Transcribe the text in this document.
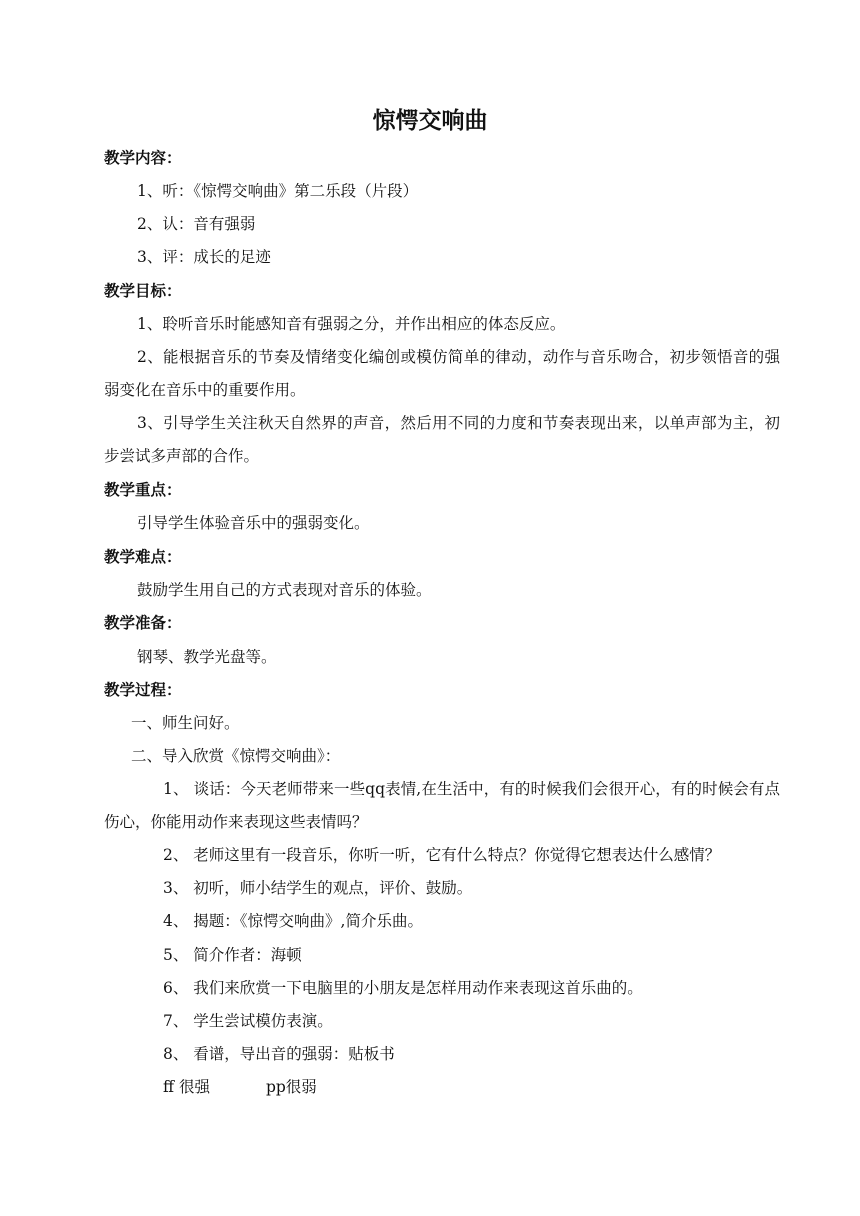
惊愕交响曲
教学内容：
1、听：《惊愕交响曲》第二乐段（片段）
2、认：音有强弱
3、评：成长的足迹
教学目标：
1、聆听音乐时能感知音有强弱之分，并作出相应的体态反应。
2、能根据音乐的节奏及情绪变化编创或模仿简单的律动，动作与音乐吻合，初步领悟音的强弱变化在音乐中的重要作用。
3、引导学生关注秋天自然界的声音，然后用不同的力度和节奏表现出来，以单声部为主，初步尝试多声部的合作。
教学重点：
引导学生体验音乐中的强弱变化。
教学难点：
鼓励学生用自己的方式表现对音乐的体验。
教学准备：
钢琴、教学光盘等。
教学过程：
一、师生问好。
二、导入欣赏《惊愕交响曲》：
1、 谈话：今天老师带来一些qq表情,在生活中，有的时候我们会很开心，有的时候会有点伤心，你能用动作来表现这些表情吗？
2、 老师这里有一段音乐，你听一听，它有什么特点？你觉得它想表达什么感情？
3、 初听，师小结学生的观点，评价、鼓励。
4、 揭题：《惊愕交响曲》,简介乐曲。
5、 简介作者：海顿
6、 我们来欣赏一下电脑里的小朋友是怎样用动作来表现这首乐曲的。
7、 学生尝试模仿表演。
8、 看谱，导出音的强弱：贴板书
ff 很强	pp很弱
